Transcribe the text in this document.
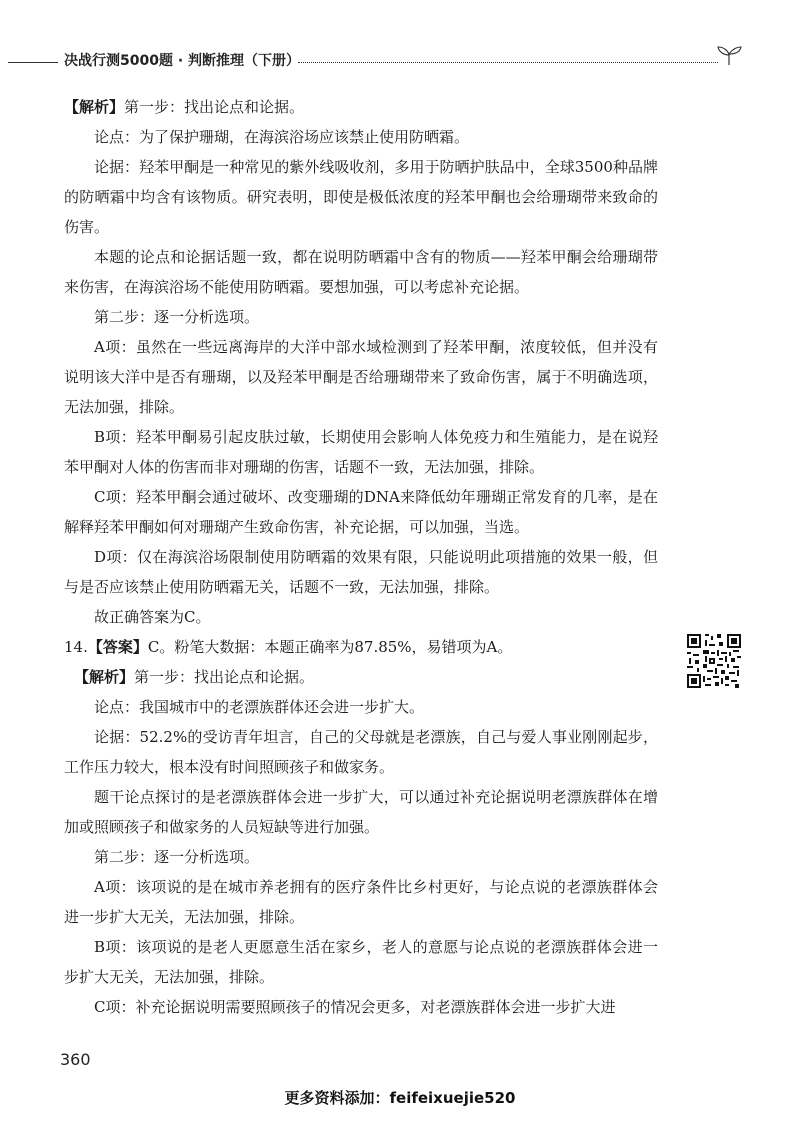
决战行测5000题 · 判断推理（下册）

【解析】第一步：找出论点和论据。

论点：为了保护珊瑚，在海滨浴场应该禁止使用防晒霜。

论据：羟苯甲酮是一种常见的紫外线吸收剂，多用于防晒护肤品中，全球3500种品牌的防晒霜中均含有该物质。研究表明，即使是极低浓度的羟苯甲酮也会给珊瑚带来致命的伤害。

本题的论点和论据话题一致，都在说明防晒霜中含有的物质——羟苯甲酮会给珊瑚带来伤害，在海滨浴场不能使用防晒霜。要想加强，可以考虑补充论据。

第二步：逐一分析选项。

A项：虽然在一些远离海岸的大洋中部水域检测到了羟苯甲酮，浓度较低，但并没有说明该大洋中是否有珊瑚，以及羟苯甲酮是否给珊瑚带来了致命伤害，属于不明确选项，无法加强，排除。

B项：羟苯甲酮易引起皮肤过敏，长期使用会影响人体免疫力和生殖能力，是在说羟苯甲酮对人体的伤害而非对珊瑚的伤害，话题不一致，无法加强，排除。

C项：羟苯甲酮会通过破坏、改变珊瑚的DNA来降低幼年珊瑚正常发育的几率，是在解释羟苯甲酮如何对珊瑚产生致命伤害，补充论据，可以加强，当选。

D项：仅在海滨浴场限制使用防晒霜的效果有限，只能说明此项措施的效果一般，但与是否应该禁止使用防晒霜无关，话题不一致，无法加强，排除。

故正确答案为C。

14.【答案】C。粉笔大数据：本题正确率为87.85%，易错项为A。

【解析】第一步：找出论点和论据。

论点：我国城市中的老漂族群体还会进一步扩大。

论据：52.2%的受访青年坦言，自己的父母就是老漂族，自己与爱人事业刚刚起步，工作压力较大，根本没有时间照顾孩子和做家务。

题干论点探讨的是老漂族群体会进一步扩大，可以通过补充论据说明老漂族群体在增加或照顾孩子和做家务的人员短缺等进行加强。

第二步：逐一分析选项。

A项：该项说的是在城市养老拥有的医疗条件比乡村更好，与论点说的老漂族群体会进一步扩大无关，无法加强，排除。

B项：该项说的是老人更愿意生活在家乡，老人的意愿与论点说的老漂族群体会进一步扩大无关，无法加强，排除。

C项：补充论据说明需要照顾孩子的情况会更多，对老漂族群体会进一步扩大进

360
更多资料添加：feifeixuejie520
